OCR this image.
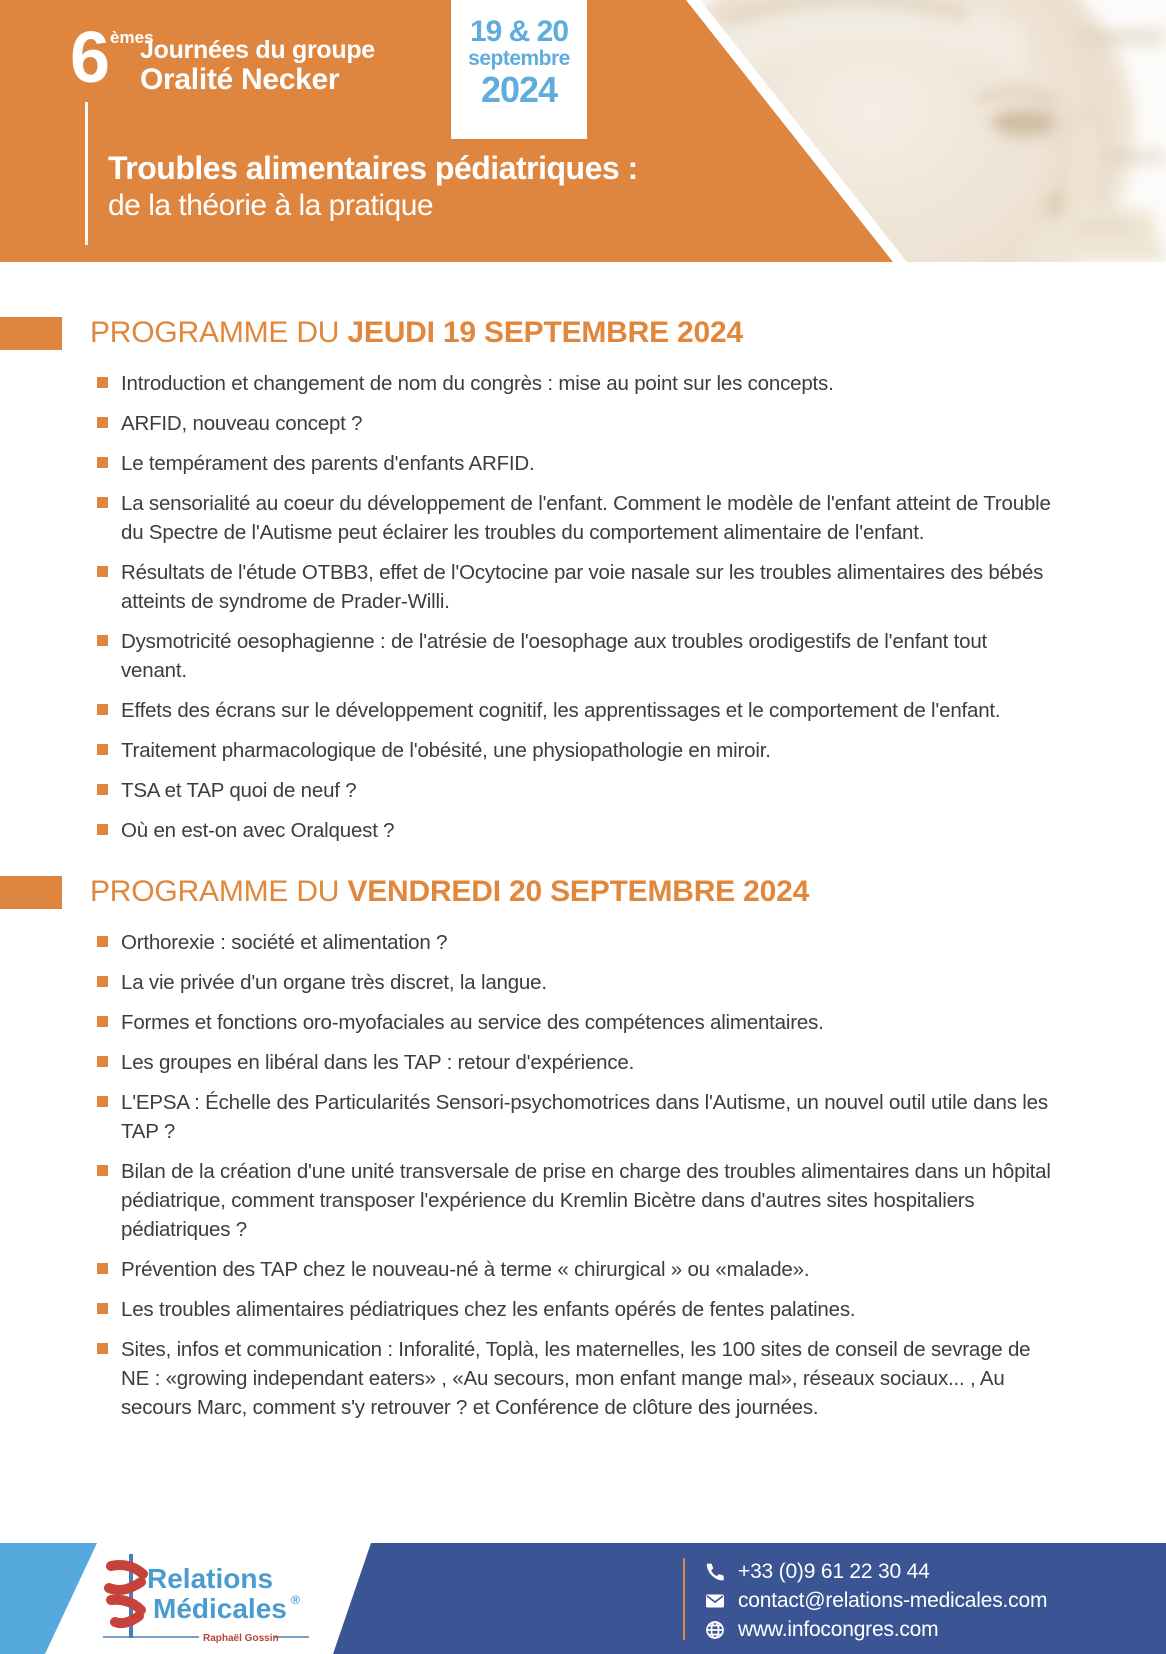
6 $^{èmes}$
Journées du groupe
Oralité Necker
19 & 20
septembre
2024
Troubles alimentaires pédiatriques :
de la théorie à la pratique
PROGRAMME DU JEUDI 19 SEPTEMBRE 2024
Introduction et changement de nom du congrès : mise au point sur les concepts.
ARFID, nouveau concept ?
Le tempérament des parents d'enfants ARFID.
La sensorialité au coeur du développement de l'enfant. Comment le modèle de l'enfant atteint de Trouble du Spectre de l'Autisme peut éclairer les troubles du comportement alimentaire de l'enfant.
Résultats de l'étude OTBB3, effet de l'Ocytocine par voie nasale sur les troubles alimentaires des bébés atteints de syndrome de Prader-Willi.
Dysmotricité oesophagienne : de l'atrésie de l'oesophage aux troubles orodigestifs de l'enfant tout venant.
Effets des écrans sur le développement cognitif, les apprentissages et le comportement de l'enfant.
Traitement pharmacologique de l'obésité, une physiopathologie en miroir.
TSA et TAP quoi de neuf ?
Où en est-on avec Oralquest ?
PROGRAMME DU VENDREDI 20 SEPTEMBRE 2024
Orthorexie : société et alimentation ?
La vie privée d'un organe très discret, la langue.
Formes et fonctions oro-myofaciales au service des compétences alimentaires.
Les groupes en libéral dans les TAP : retour d'expérience.
L'EPSA : Échelle des Particularités Sensori-psychomotrices dans l'Autisme, un nouvel outil utile dans les TAP ?
Bilan de la création d'une unité transversale de prise en charge des troubles alimentaires dans un hôpital pédiatrique, comment transposer l'expérience du Kremlin Bicètre dans d'autres sites hospitaliers pédiatriques ?
Prévention des TAP chez le nouveau-né à terme « chirurgical » ou «malade».
Les troubles alimentaires pédiatriques chez les enfants opérés de fentes palatines.
Sites, infos et communication : Inforalité, Toplà, les maternelles, les 100 sites de conseil de sevrage de NE : «growing independant eaters» , «Au secours, mon enfant mange mal», réseaux sociaux... , Au secours Marc, comment s'y retrouver ? et Conférence de clôture des journées.
Relations
Médicales ®
Raphaël Gossin
+33 (0)9 61 22 30 44
contact@relations-medicales.com
www.infocongres.com
